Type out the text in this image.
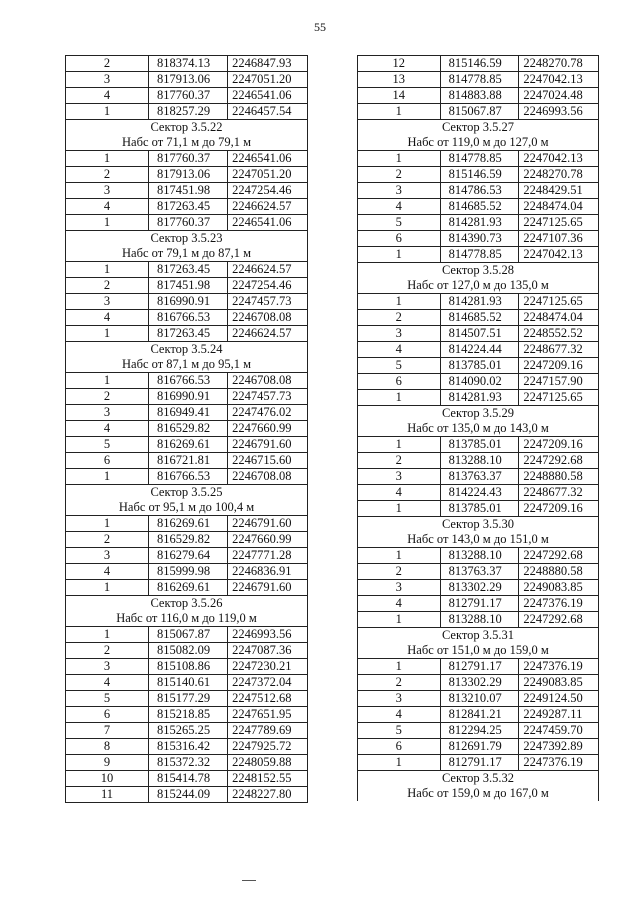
55
2	818374.13	2246847.93
3	817913.06	2247051.20
4	817760.37	2246541.06
1	818257.29	2246457.54
Сектор 3.5.22		
Набс от 71,1 м до 79,1 м		
1	817760.37	2246541.06
2	817913.06	2247051.20
3	817451.98	2247254.46
4	817263.45	2246624.57
1	817760.37	2246541.06
Сектор 3.5.23		
Набс от 79,1 м до 87,1 м		
1	817263.45	2246624.57
2	817451.98	2247254.46
3	816990.91	2247457.73
4	816766.53	2246708.08
1	817263.45	2246624.57
Сектор 3.5.24		
Набс от 87,1 м до 95,1 м		
1	816766.53	2246708.08
2	816990.91	2247457.73
3	816949.41	2247476.02
4	816529.82	2247660.99
5	816269.61	2246791.60
6	816721.81	2246715.60
1	816766.53	2246708.08
Сектор 3.5.25		
Набс от 95,1 м до 100,4 м		
1	816269.61	2246791.60
2	816529.82	2247660.99
3	816279.64	2247771.28
4	815999.98	2246836.91
1	816269.61	2246791.60
Сектор 3.5.26		
Набс от 116,0 м до 119,0 м		
1	815067.87	2246993.56
2	815082.09	2247087.36
3	815108.86	2247230.21
4	815140.61	2247372.04
5	815177.29	2247512.68
6	815218.85	2247651.95
7	815265.25	2247789.69
8	815316.42	2247925.72
9	815372.32	2248059.88
10	815414.78	2248152.55
11	815244.09	2248227.80
12	815146.59	2248270.78
13	814778.85	2247042.13
14	814883.88	2247024.48
1	815067.87	2246993.56
Сектор 3.5.27		
Набс от 119,0 м до 127,0 м		
1	814778.85	2247042.13
2	815146.59	2248270.78
3	814786.53	2248429.51
4	814685.52	2248474.04
5	814281.93	2247125.65
6	814390.73	2247107.36
1	814778.85	2247042.13
Сектор 3.5.28		
Набс от 127,0 м до 135,0 м		
1	814281.93	2247125.65
2	814685.52	2248474.04
3	814507.51	2248552.52
4	814224.44	2248677.32
5	813785.01	2247209.16
6	814090.02	2247157.90
1	814281.93	2247125.65
Сектор 3.5.29		
Набс от 135,0 м до 143,0 м		
1	813785.01	2247209.16
2	813288.10	2247292.68
3	813763.37	2248880.58
4	814224.43	2248677.32
1	813785.01	2247209.16
Сектор 3.5.30		
Набс от 143,0 м до 151,0 м		
1	813288.10	2247292.68
2	813763.37	2248880.58
3	813302.29	2249083.85
4	812791.17	2247376.19
1	813288.10	2247292.68
Сектор 3.5.31		
Набс от 151,0 м до 159,0 м		
1	812791.17	2247376.19
2	813302.29	2249083.85
3	813210.07	2249124.50
4	812841.21	2249287.11
5	812294.25	2247459.70
6	812691.79	2247392.89
1	812791.17	2247376.19
Сектор 3.5.32		
Набс от 159,0 м до 167,0 м		
